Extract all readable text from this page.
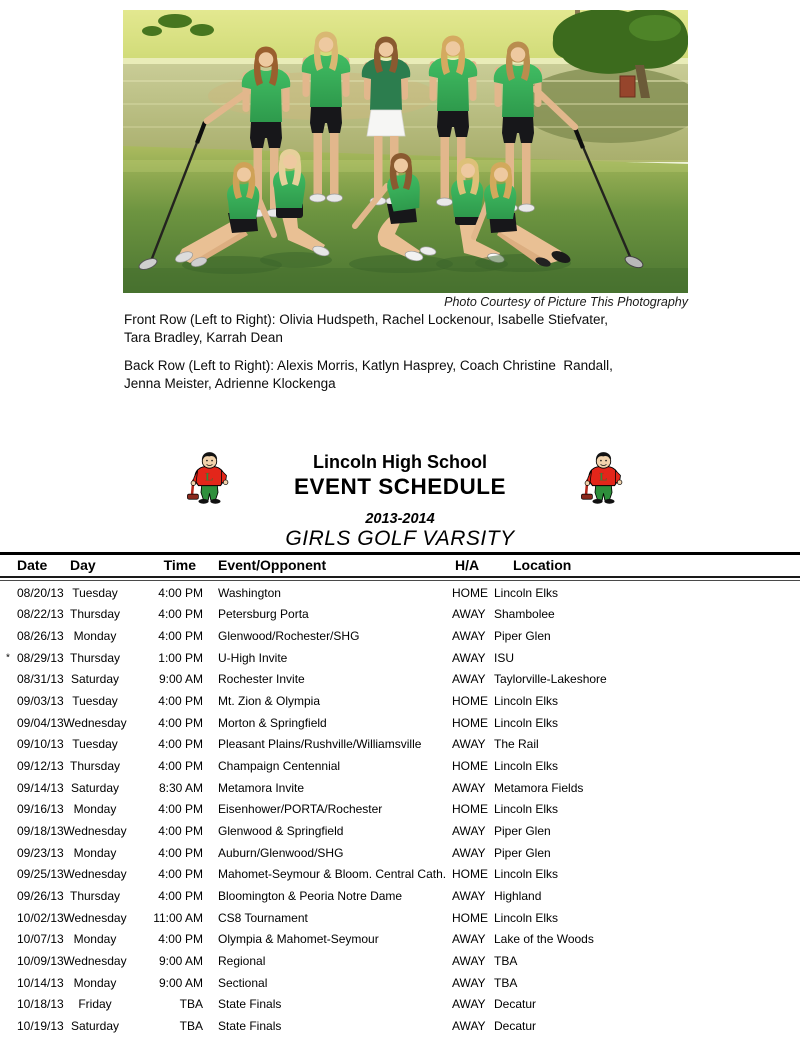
Photo Courtesy of Picture This Photography

Front Row (Left to Right): Olivia Hudspeth, Rachel Lockenour, Isabelle Stiefvater,
Tara Bradley, Karrah Dean

Back Row (Left to Right): Alexis Morris, Katlyn Hasprey, Coach Christine  Randall,
Jenna Meister, Adrienne Klockenga

L	L
Lincoln High School
EVENT SCHEDULE
2013-2014
GIRLS GOLF VARSITY
Date Day	Time Event/Opponent	H/A Location
08/20/13 Tuesday	4:00 PM Washington	HOME Lincoln Elks
08/22/13 Thursday	4:00 PM Petersburg Porta	AWAY Shambolee
08/26/13 Monday	4:00 PM Glenwood/Rochester/SHG	AWAY Piper Glen
* 08/29/13 Thursday	1:00 PM U-High Invite	AWAY ISU
08/31/13 Saturday	9:00 AM Rochester Invite	AWAY Taylorville-Lakeshore
09/03/13 Tuesday	4:00 PM Mt. Zion & Olympia	HOME Lincoln Elks
09/04/13 Wednesday	4:00 PM Morton & Springfield	HOME Lincoln Elks
09/10/13 Tuesday	4:00 PM Pleasant Plains/Rushville/Williamsville	AWAY The Rail
09/12/13 Thursday	4:00 PM Champaign Centennial	HOME Lincoln Elks
09/14/13 Saturday	8:30 AM Metamora Invite	AWAY Metamora Fields
09/16/13 Monday	4:00 PM Eisenhower/PORTA/Rochester	HOME Lincoln Elks
09/18/13 Wednesday	4:00 PM Glenwood & Springfield	AWAY Piper Glen
09/23/13 Monday	4:00 PM Auburn/Glenwood/SHG	AWAY Piper Glen
09/25/13 Wednesday	4:00 PM Mahomet-Seymour & Bloom. Central Cath. HOME Lincoln Elks
09/26/13 Thursday	4:00 PM Bloomington & Peoria Notre Dame	AWAY Highland
10/02/13 Wednesday	11:00 AM CS8 Tournament	HOME Lincoln Elks
10/07/13 Monday	4:00 PM Olympia & Mahomet-Seymour	AWAY Lake of the Woods
10/09/13 Wednesday	9:00 AM Regional	AWAY TBA
10/14/13 Monday	9:00 AM Sectional	AWAY TBA
10/18/13	Friday	TBA State Finals	AWAY Decatur
10/19/13 Saturday	TBA State Finals	AWAY Decatur
